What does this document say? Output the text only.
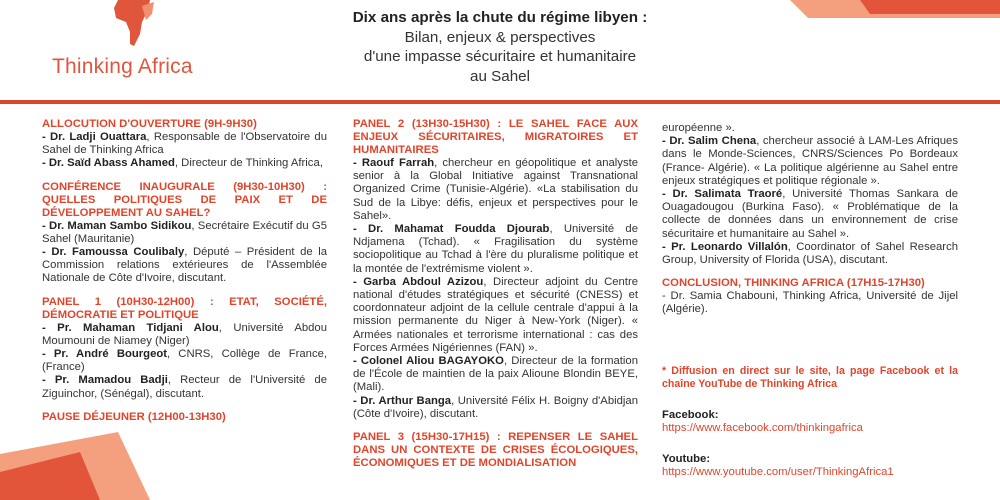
Thinking Africa
Dix ans après la chute du régime libyen :
Bilan, enjeux & perspectives
d'une impasse sécuritaire et humanitaire
au Sahel
ALLOCUTION D'OUVERTURE (9H-9H30)
- Dr. Ladji Ouattara, Responsable de l'Observatoire du Sahel de Thinking Africa
- Dr. Saïd Abass Ahamed, Directeur de Thinking Africa,
CONFÉRENCE INAUGURALE (9H30-10H30) : QUELLES POLITIQUES DE PAIX ET DE DÉVELOPPEMENT AU SAHEL?
- Dr. Maman Sambo Sidikou, Secrétaire Exécutif du G5 Sahel (Mauritanie)
- Dr. Famoussa Coulibaly, Député – Président de la Commission relations extérieures de l'Assemblée Nationale de Côte d'Ivoire, discutant.
PANEL 1 (10H30-12H00) : ETAT, SOCIÉTÉ, DÉMOCRATIE ET POLITIQUE
- Pr. Mahaman Tidjani Alou, Université Abdou Moumouni de Niamey (Niger)
- Pr. André Bourgeot, CNRS, Collège de France, (France)
- Pr. Mamadou Badji, Recteur de l'Université de Ziguinchor, (Sénégal), discutant.
PAUSE DÉJEUNER (12H00-13H30)
PANEL 2 (13H30-15H30) : LE SAHEL FACE AUX ENJEUX SÉCURITAIRES, MIGRATOIRES ET HUMANITAIRES
- Raouf Farrah, chercheur en géopolitique et analyste senior à la Global Initiative against Transnational Organized Crime (Tunisie-Algérie). «La stabilisation du Sud de la Libye: défis, enjeux et perspectives pour le Sahel».
- Dr. Mahamat Foudda Djourab, Université de Ndjamena (Tchad). « Fragilisation du système sociopolitique au Tchad à l'ère du pluralisme politique et la montée de l'extrémisme violent ».
- Garba Abdoul Azizou, Directeur adjoint du Centre national d'études stratégiques et sécurité (CNESS) et coordonnateur adjoint de la cellule centrale d'appui à la mission permanente du Niger à New-York (Niger). « Armées nationales et terrorisme international : cas des Forces Armées Nigériennes (FAN) ».
- Colonel Aliou BAGAYOKO, Directeur de la formation de l'École de maintien de la paix Alioune Blondin BEYE, (Mali).
- Dr. Arthur Banga, Université Félix H. Boigny d'Abidjan (Côte d'Ivoire), discutant.
PANEL 3 (15H30-17H15) : REPENSER LE SAHEL DANS UN CONTEXTE DE CRISES ÉCOLOGIQUES, ÉCONOMIQUES ET DE MONDIALISATION
européenne ».
- Dr. Salim Chena, chercheur associé à LAM-Les Afriques dans le Monde-Sciences, CNRS/Sciences Po Bordeaux (France- Algérie). « La politique algérienne au Sahel entre enjeux stratégiques et politique régionale ».
- Dr. Salimata Traoré, Université Thomas Sankara de Ouagadougou (Burkina Faso). « Problématique de la collecte de données dans un environnement de crise sécuritaire et humanitaire au Sahel ».
- Pr. Leonardo Villalón, Coordinator of Sahel Research Group, University of Florida (USA), discutant.
CONCLUSION, THINKING AFRICA (17H15-17H30)
- Dr. Samia Chabouni, Thinking Africa, Université de Jijel (Algérie).
* Diffusion en direct sur le site, la page Facebook et la chaîne YouTube de Thinking Africa
Facebook:
https://www.facebook.com/thinkingafrica
Youtube:
https://www.youtube.com/user/ThinkingAfrica1
